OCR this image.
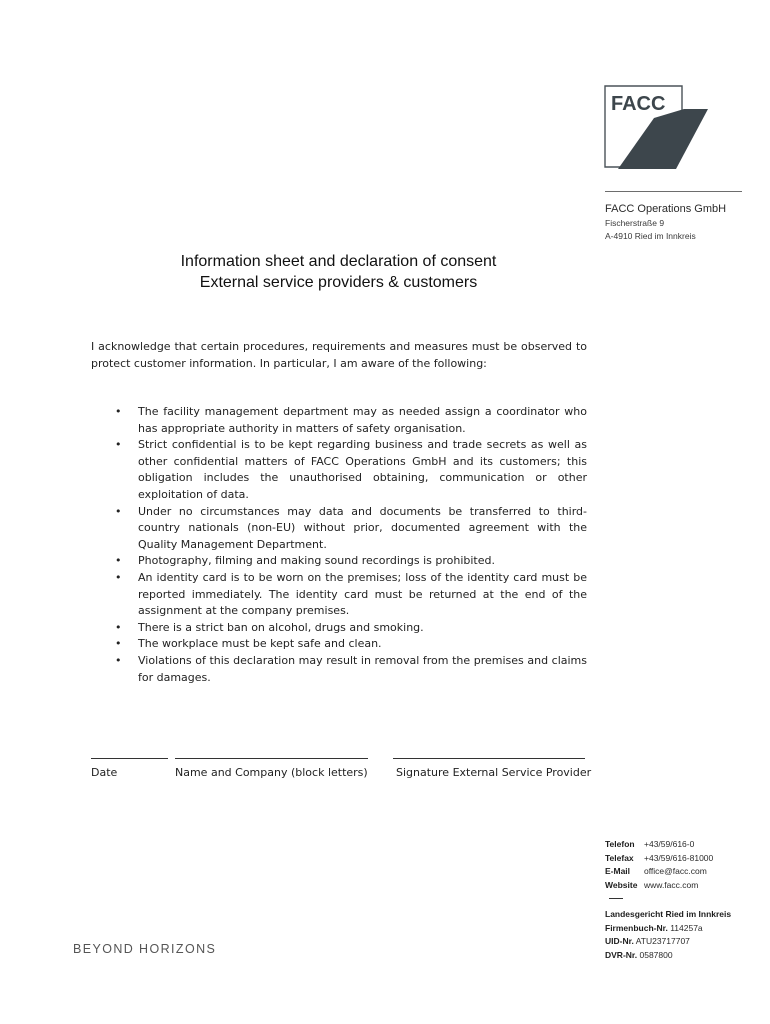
FACC
FACC Operations GmbH
Fischerstraße 9
A-4910 Ried im Innkreis
Information sheet and declaration of consent
External service providers & customers
I acknowledge that certain procedures, requirements and measures must be observed to protect customer information. In particular, I am aware of the following:
• The facility management department may as needed assign a coordinator who has appropriate authority in matters of safety organisation.
• Strict confidential is to be kept regarding business and trade secrets as well as other confidential matters of FACC Operations GmbH and its customers; this obligation includes the unauthorised obtaining, communication or other exploitation of data.
• Under no circumstances may data and documents be transferred to third-country nationals (non-EU) without prior, documented agreement with the Quality Management Department.
• Photography, filming and making sound recordings is prohibited.
• An identity card is to be worn on the premises; loss of the identity card must be reported immediately. The identity card must be returned at the end of the assignment at the company premises.
• There is a strict ban on alcohol, drugs and smoking.
• The workplace must be kept safe and clean.
• Violations of this declaration may result in removal from the premises and claims for damages.
Date	Name and Company (block letters)	Signature External Service Provider
Telefon +43/59/616-0
Telefax +43/59/616-81000
E-Mail office@facc.com
Website www.facc.com
Landesgericht Ried im Innkreis
Firmenbuch-Nr. 114257a
UID-Nr. ATU23717707
DVR-Nr. 0587800
BEYOND HORIZONS
